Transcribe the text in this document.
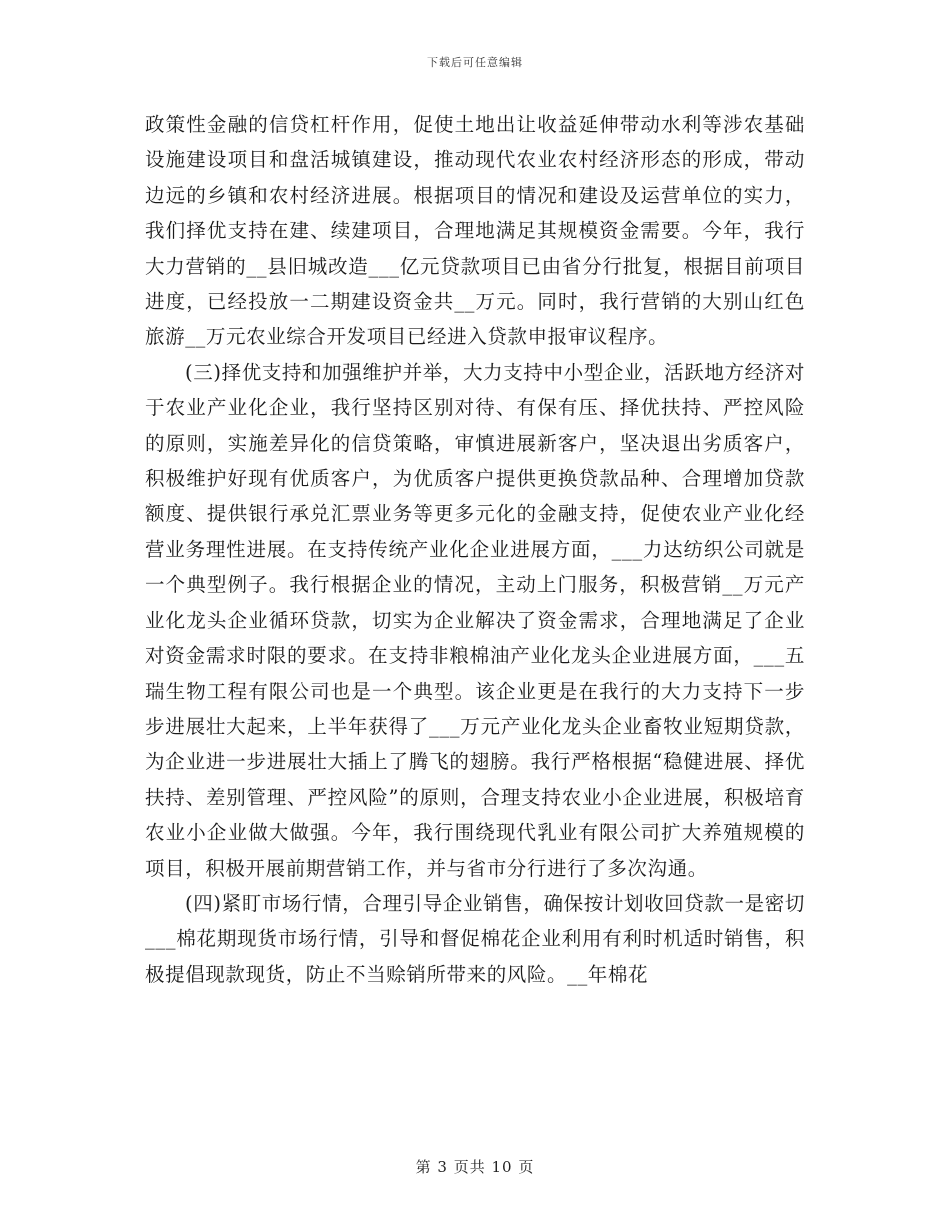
下载后可任意编辑

政策性金融的信贷杠杆作用，促使土地出让收益延伸带动水利等涉农基础设施建设项目和盘活城镇建设，推动现代农业农村经济形态的形成，带动边远的乡镇和农村经济进展。根据项目的情况和建设及运营单位的实力，我们择优支持在建、续建项目，合理地满足其规模资金需要。今年，我行大力营销的__县旧城改造___亿元贷款项目已由省分行批复，根据目前项目进度，已经投放一二期建设资金共__万元。同时，我行营销的大别山红色旅游__万元农业综合开发项目已经进入贷款申报审议程序。

(三)择优支持和加强维护并举，大力支持中小型企业，活跃地方经济对于农业产业化企业，我行坚持区别对待、有保有压、择优扶持、严控风险的原则，实施差异化的信贷策略，审慎进展新客户，坚决退出劣质客户，积极维护好现有优质客户，为优质客户提供更换贷款品种、合理增加贷款额度、提供银行承兑汇票业务等更多元化的金融支持，促使农业产业化经营业务理性进展。在支持传统产业化企业进展方面，___力达纺织公司就是一个典型例子。我行根据企业的情况，主动上门服务，积极营销__万元产业化龙头企业循环贷款，切实为企业解决了资金需求，合理地满足了企业对资金需求时限的要求。在支持非粮棉油产业化龙头企业进展方面，___五瑞生物工程有限公司也是一个典型。该企业更是在我行的大力支持下一步步进展壮大起来，上半年获得了___万元产业化龙头企业畜牧业短期贷款，为企业进一步进展壮大插上了腾飞的翅膀。我行严格根据“稳健进展、择优扶持、差别管理、严控风险”的原则，合理支持农业小企业进展，积极培育农业小企业做大做强。今年，我行围绕现代乳业有限公司扩大养殖规模的项目，积极开展前期营销工作，并与省市分行进行了多次沟通。

(四)紧盯市场行情，合理引导企业销售，确保按计划收回贷款一是密切___棉花期现货市场行情，引导和督促棉花企业利用有利时机适时销售，积极提倡现款现货，防止不当赊销所带来的风险。__年棉花

第 3 页共 10 页
